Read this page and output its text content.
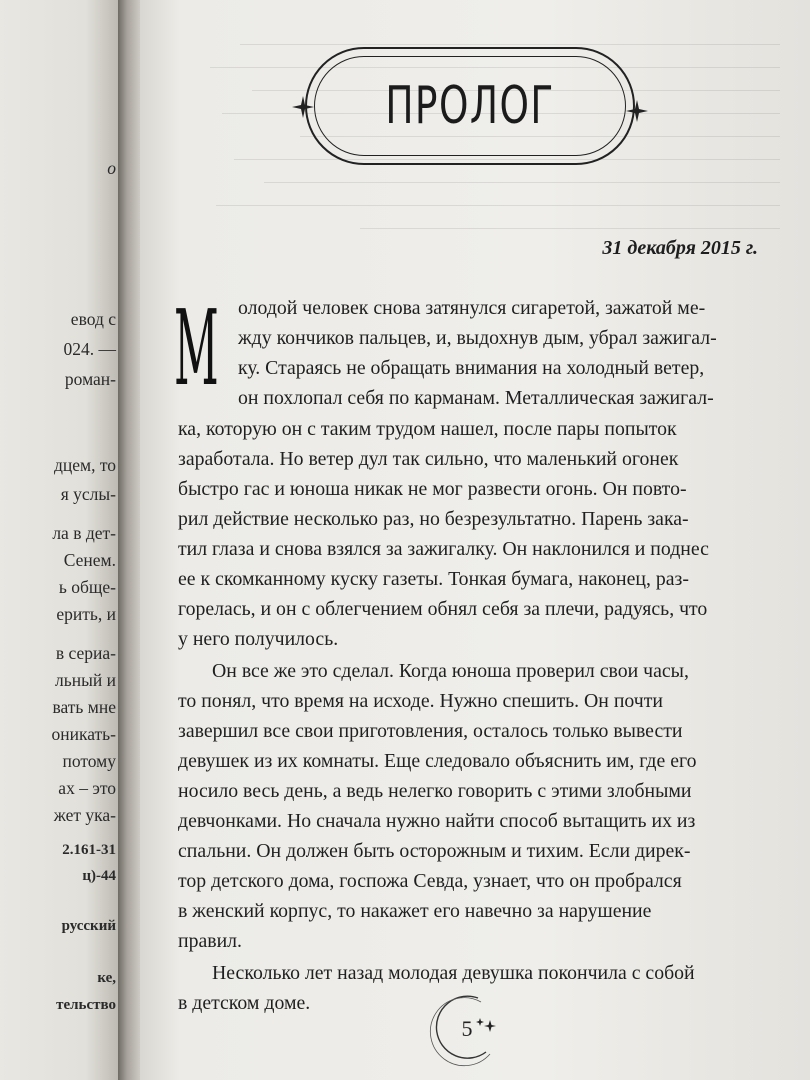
о
евод с
024. —
роман-
дцем, то
я услы-
ла в дет-
Сенем.
ь обще-
ерить, и
в сериа-
льный и
вать мне
оникать-
потому
ах – это
жет ука-
2.161-31
ц)-44
русский
ке,
тельство
ПРОЛОГ
31 декабря 2015 г.
М олодой человек снова затянулся сигаретой, зажатой ме-
жду кончиков пальцев, и, выдохнув дым, убрал зажигал-
ку. Стараясь не обращать внимания на холодный ветер,
он похлопал себя по карманам. Металлическая зажигал-
ка, которую он с таким трудом нашел, после пары попыток
заработала. Но ветер дул так сильно, что маленький огонек
быстро гас и юноша никак не мог развести огонь. Он повто-
рил действие несколько раз, но безрезультатно. Парень зака-
тил глаза и снова взялся за зажигалку. Он наклонился и поднес
ее к скомканному куску газеты. Тонкая бумага, наконец, раз-
горелась, и он с облегчением обнял себя за плечи, радуясь, что
у него получилось.
Он все же это сделал. Когда юноша проверил свои часы,
то понял, что время на исходе. Нужно спешить. Он почти
завершил все свои приготовления, осталось только вывести
девушек из их комнаты. Еще следовало объяснить им, где его
носило весь день, а ведь нелегко говорить с этими злобными
девчонками. Но сначала нужно найти способ вытащить их из
спальни. Он должен быть осторожным и тихим. Если дирек-
тор детского дома, госпожа Севда, узнает, что он пробрался
в женский корпус, то накажет его навечно за нарушение
правил.
Несколько лет назад молодая девушка покончила с собой
в детском доме.
5
